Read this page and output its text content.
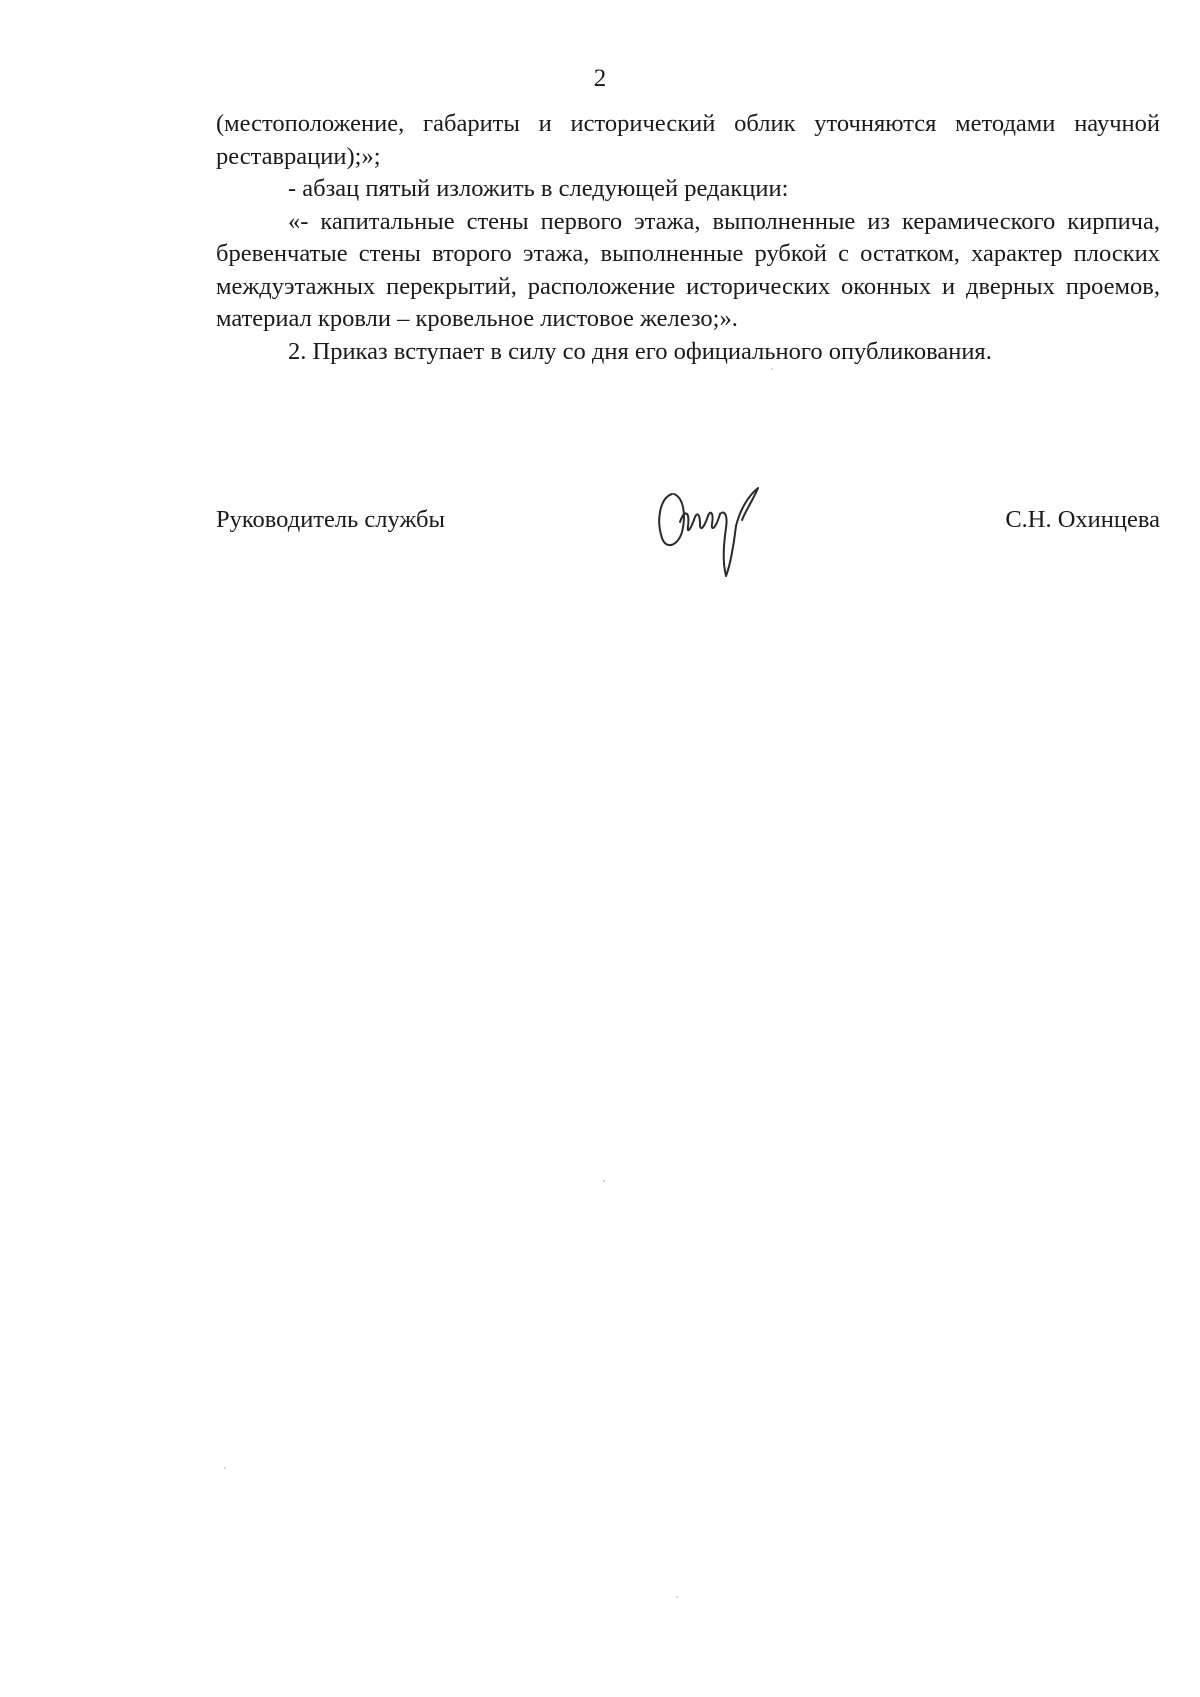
2

(местоположение, габариты и исторический облик уточняются методами научной реставрации);»;

- абзац пятый изложить в следующей редакции:

«- капитальные стены первого этажа, выполненные из керамического кирпича, бревенчатые стены второго этажа, выполненные рубкой с остатком, характер плоских междуэтажных перекрытий, расположение исторических оконных и дверных проемов, материал кровли – кровельное листовое железо;».

2. Приказ вступает в силу со дня его официального опубликования.

Руководитель службы	С.Н. Охинцева
